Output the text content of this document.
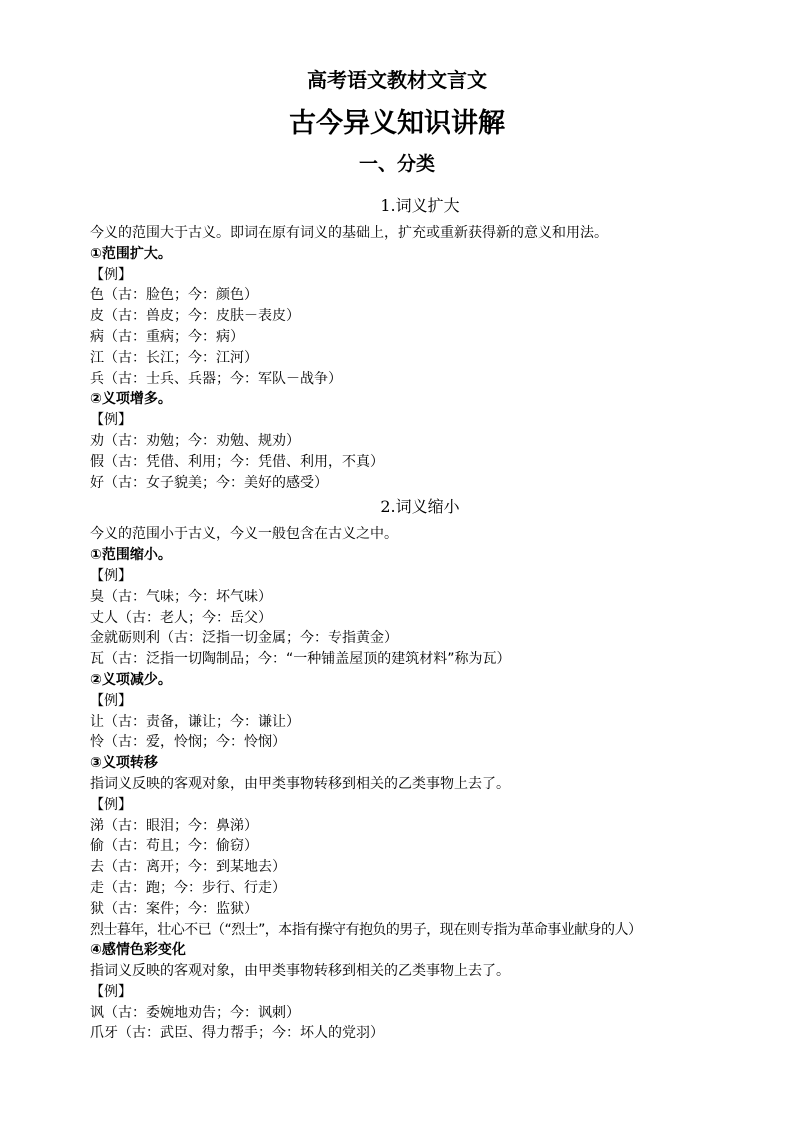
高考语文教材文言文
古今异义知识讲解
一、分类
1.词义扩大
今义的范围大于古义。即词在原有词义的基础上，扩充或重新获得新的意义和用法。
①范围扩大。
【例】
色（古：脸色；今：颜色）
皮（古：兽皮；今：皮肤－表皮）
病（古：重病；今：病）
江（古：长江；今：江河）
兵（古：士兵、兵器；今：军队－战争）
②义项增多。
【例】
劝（古：劝勉；今：劝勉、规劝）
假（古：凭借、利用；今：凭借、利用，不真）
好（古：女子貌美；今：美好的感受）
2.词义缩小
今义的范围小于古义，今义一般包含在古义之中。
①范围缩小。
【例】
臭（古：气味；今：坏气味）
丈人（古：老人；今：岳父）
金就砺则利（古：泛指一切金属；今：专指黄金）
瓦（古：泛指一切陶制品；今：“一种铺盖屋顶的建筑材料”称为瓦）
②义项减少。
【例】
让（古：责备，谦让；今：谦让）
怜（古：爱，怜悯；今：怜悯）
③义项转移
指词义反映的客观对象，由甲类事物转移到相关的乙类事物上去了。
【例】
涕（古：眼泪；今：鼻涕）
偷（古：苟且；今：偷窃）
去（古：离开；今：到某地去）
走（古：跑；今：步行、行走）
狱（古：案件；今：监狱）
烈士暮年，壮心不已（“烈士”，本指有操守有抱负的男子，现在则专指为革命事业献身的人）
④感情色彩变化
指词义反映的客观对象，由甲类事物转移到相关的乙类事物上去了。
【例】
讽（古：委婉地劝告；今：讽刺）
爪牙（古：武臣、得力帮手；今：坏人的党羽）
